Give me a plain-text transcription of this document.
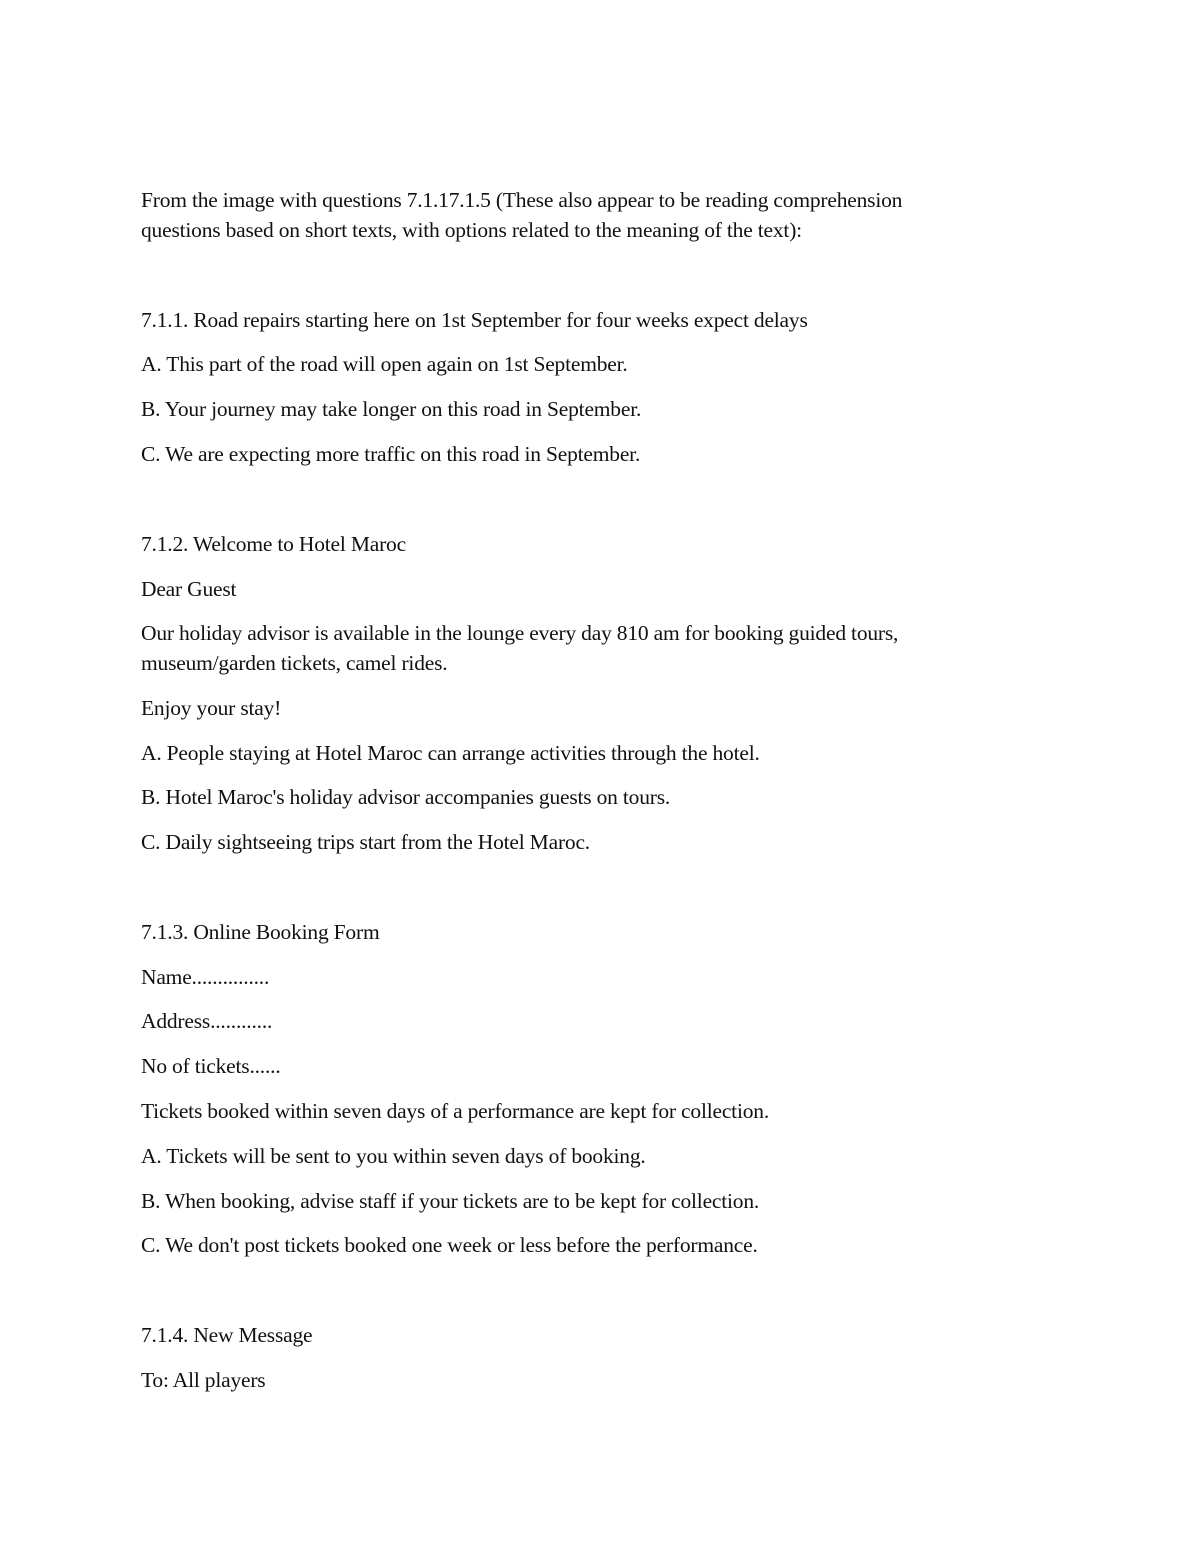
From the image with questions 7.1.17.1.5 (These also appear to be reading comprehension
questions based on short texts, with options related to the meaning of the text):
7.1.1. Road repairs starting here on 1st September for four weeks expect delays
A. This part of the road will open again on 1st September.
B. Your journey may take longer on this road in September.
C. We are expecting more traffic on this road in September.
7.1.2. Welcome to Hotel Maroc
Dear Guest
Our holiday advisor is available in the lounge every day 810 am for booking guided tours,
museum/garden tickets, camel rides.
Enjoy your stay!
A. People staying at Hotel Maroc can arrange activities through the hotel.
B. Hotel Maroc's holiday advisor accompanies guests on tours.
C. Daily sightseeing trips start from the Hotel Maroc.
7.1.3. Online Booking Form
Name...............
Address............
No of tickets......
Tickets booked within seven days of a performance are kept for collection.
A. Tickets will be sent to you within seven days of booking.
B. When booking, advise staff if your tickets are to be kept for collection.
C. We don't post tickets booked one week or less before the performance.
7.1.4. New Message
To: All players
